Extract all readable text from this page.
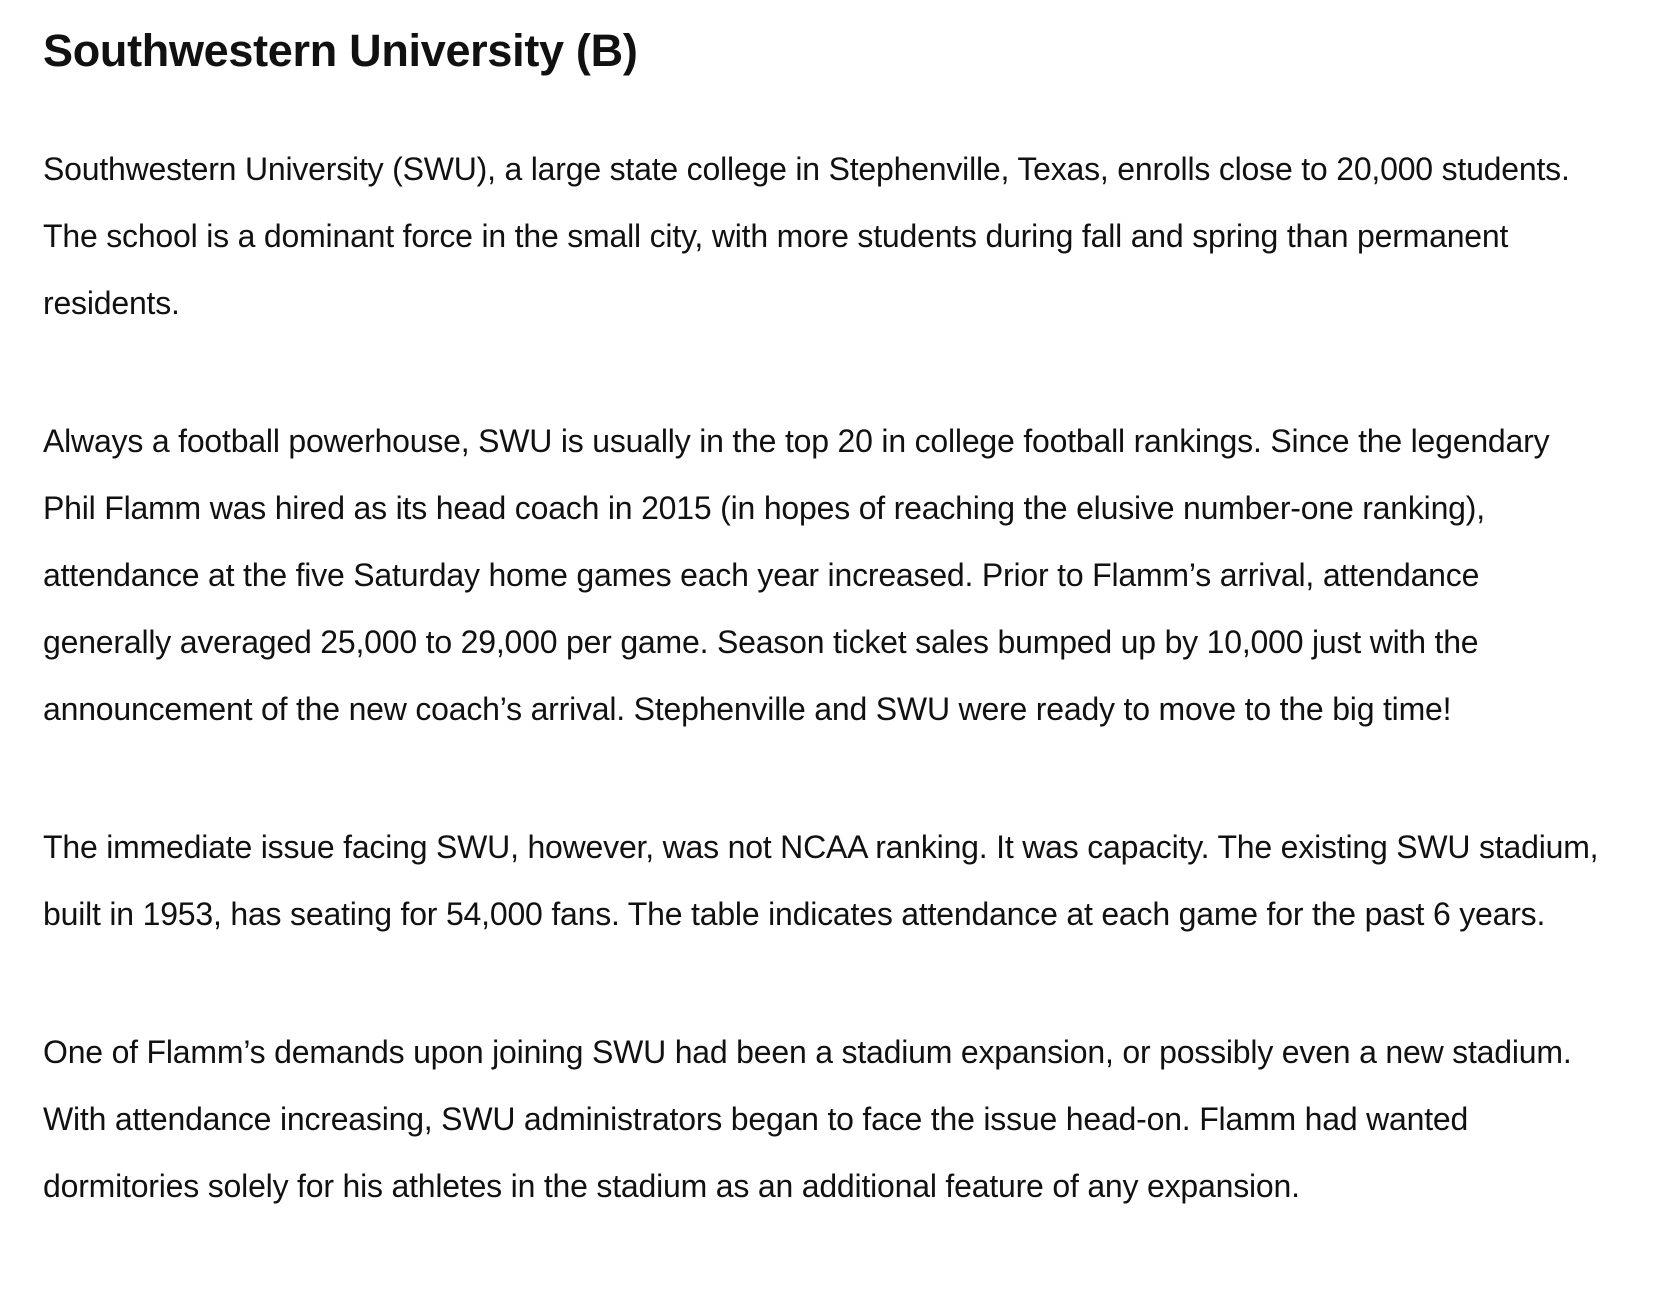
Southwestern University (B)

Southwestern University (SWU), a large state college in Stephenville, Texas, enrolls close to 20,000 students. The school is a dominant force in the small city, with more students during fall and spring than permanent residents.

Always a football powerhouse, SWU is usually in the top 20 in college football rankings. Since the legendary Phil Flamm was hired as its head coach in 2015 (in hopes of reaching the elusive number-one ranking), attendance at the five Saturday home games each year increased. Prior to Flamm’s arrival, attendance generally averaged 25,000 to 29,000 per game. Season ticket sales bumped up by 10,000 just with the announcement of the new coach’s arrival. Stephenville and SWU were ready to move to the big time!

The immediate issue facing SWU, however, was not NCAA ranking. It was capacity. The existing SWU stadium, built in 1953, has seating for 54,000 fans. The table indicates attendance at each game for the past 6 years.

One of Flamm’s demands upon joining SWU had been a stadium expansion, or possibly even a new stadium. With attendance increasing, SWU administrators began to face the issue head-on. Flamm had wanted dormitories solely for his athletes in the stadium as an additional feature of any expansion.
